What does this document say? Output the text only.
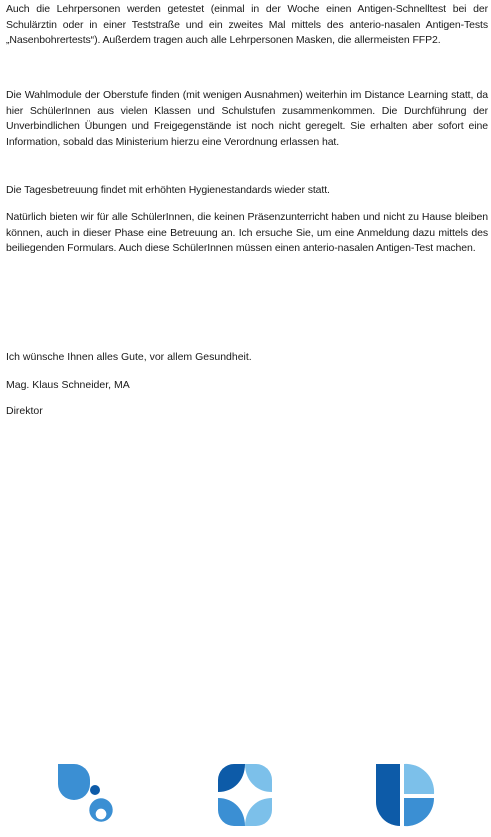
Auch die Lehrpersonen werden getestet (einmal in der Woche einen Antigen-Schnelltest bei der Schulärztin oder in einer Teststraße und ein zweites Mal mittels des anterio-nasalen Antigen-Tests „Nasenbohrertests“). Außerdem tragen auch alle Lehrpersonen Masken, die allermeisten FFP2.

Die Wahlmodule der Oberstufe finden (mit wenigen Ausnahmen) weiterhin im Distance Learning statt, da hier SchülerInnen aus vielen Klassen und Schulstufen zusammenkommen. Die Durchführung der Unverbindlichen Übungen und Freigegenstände ist noch nicht geregelt. Sie erhalten aber sofort eine Information, sobald das Ministerium hierzu eine Verordnung erlassen hat.

Die Tagesbetreuung findet mit erhöhten Hygienestandards wieder statt.

Natürlich bieten wir für alle SchülerInnen, die keinen Präsenzunterricht haben und nicht zu Hause bleiben können, auch in dieser Phase eine Betreuung an. Ich ersuche Sie, um eine Anmeldung dazu mittels des beiliegenden Formulars. Auch diese SchülerInnen müssen einen anterio-nasalen Antigen-Test machen.

Ich wünsche Ihnen alles Gute, vor allem Gesundheit.

Mag. Klaus Schneider, MA

Direktor
